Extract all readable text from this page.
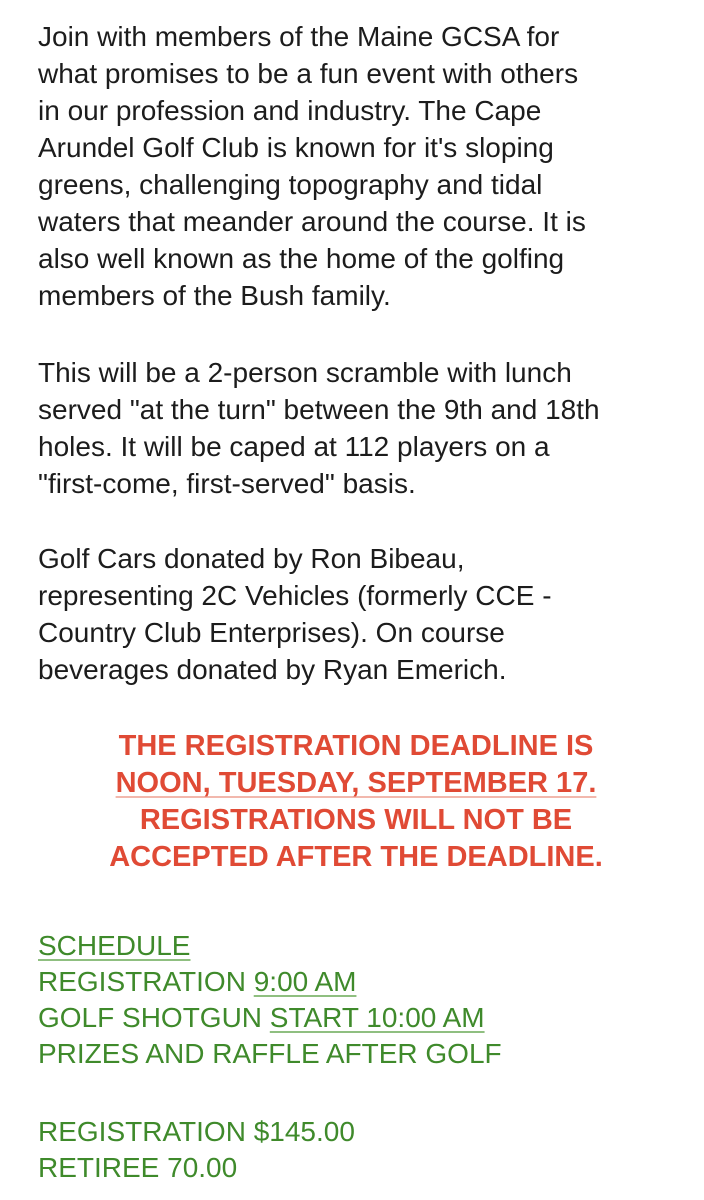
Join with members of the Maine GCSA for
what promises to be a fun event with others
in our profession and industry. The Cape
Arundel Golf Club is known for it's sloping
greens, challenging topography and tidal
waters that meander around the course. It is
also well known as the home of the golfing
members of the Bush family.

This will be a 2-person scramble with lunch
served "at the turn" between the 9th and 18th
holes. It will be caped at 112 players on a
"first-come, first-served" basis.

Golf Cars donated by Ron Bibeau,
representing 2C Vehicles (formerly CCE -
Country Club Enterprises). On course
beverages donated by Ryan Emerich.

THE REGISTRATION DEADLINE IS
NOON, TUESDAY, SEPTEMBER 17.
REGISTRATIONS WILL NOT BE
ACCEPTED AFTER THE DEADLINE.
SCHEDULE
REGISTRATION 9:00 AM
GOLF SHOTGUN START 10:00 AM
PRIZES AND RAFFLE AFTER GOLF
REGISTRATION $145.00
RETIREE 70.00
